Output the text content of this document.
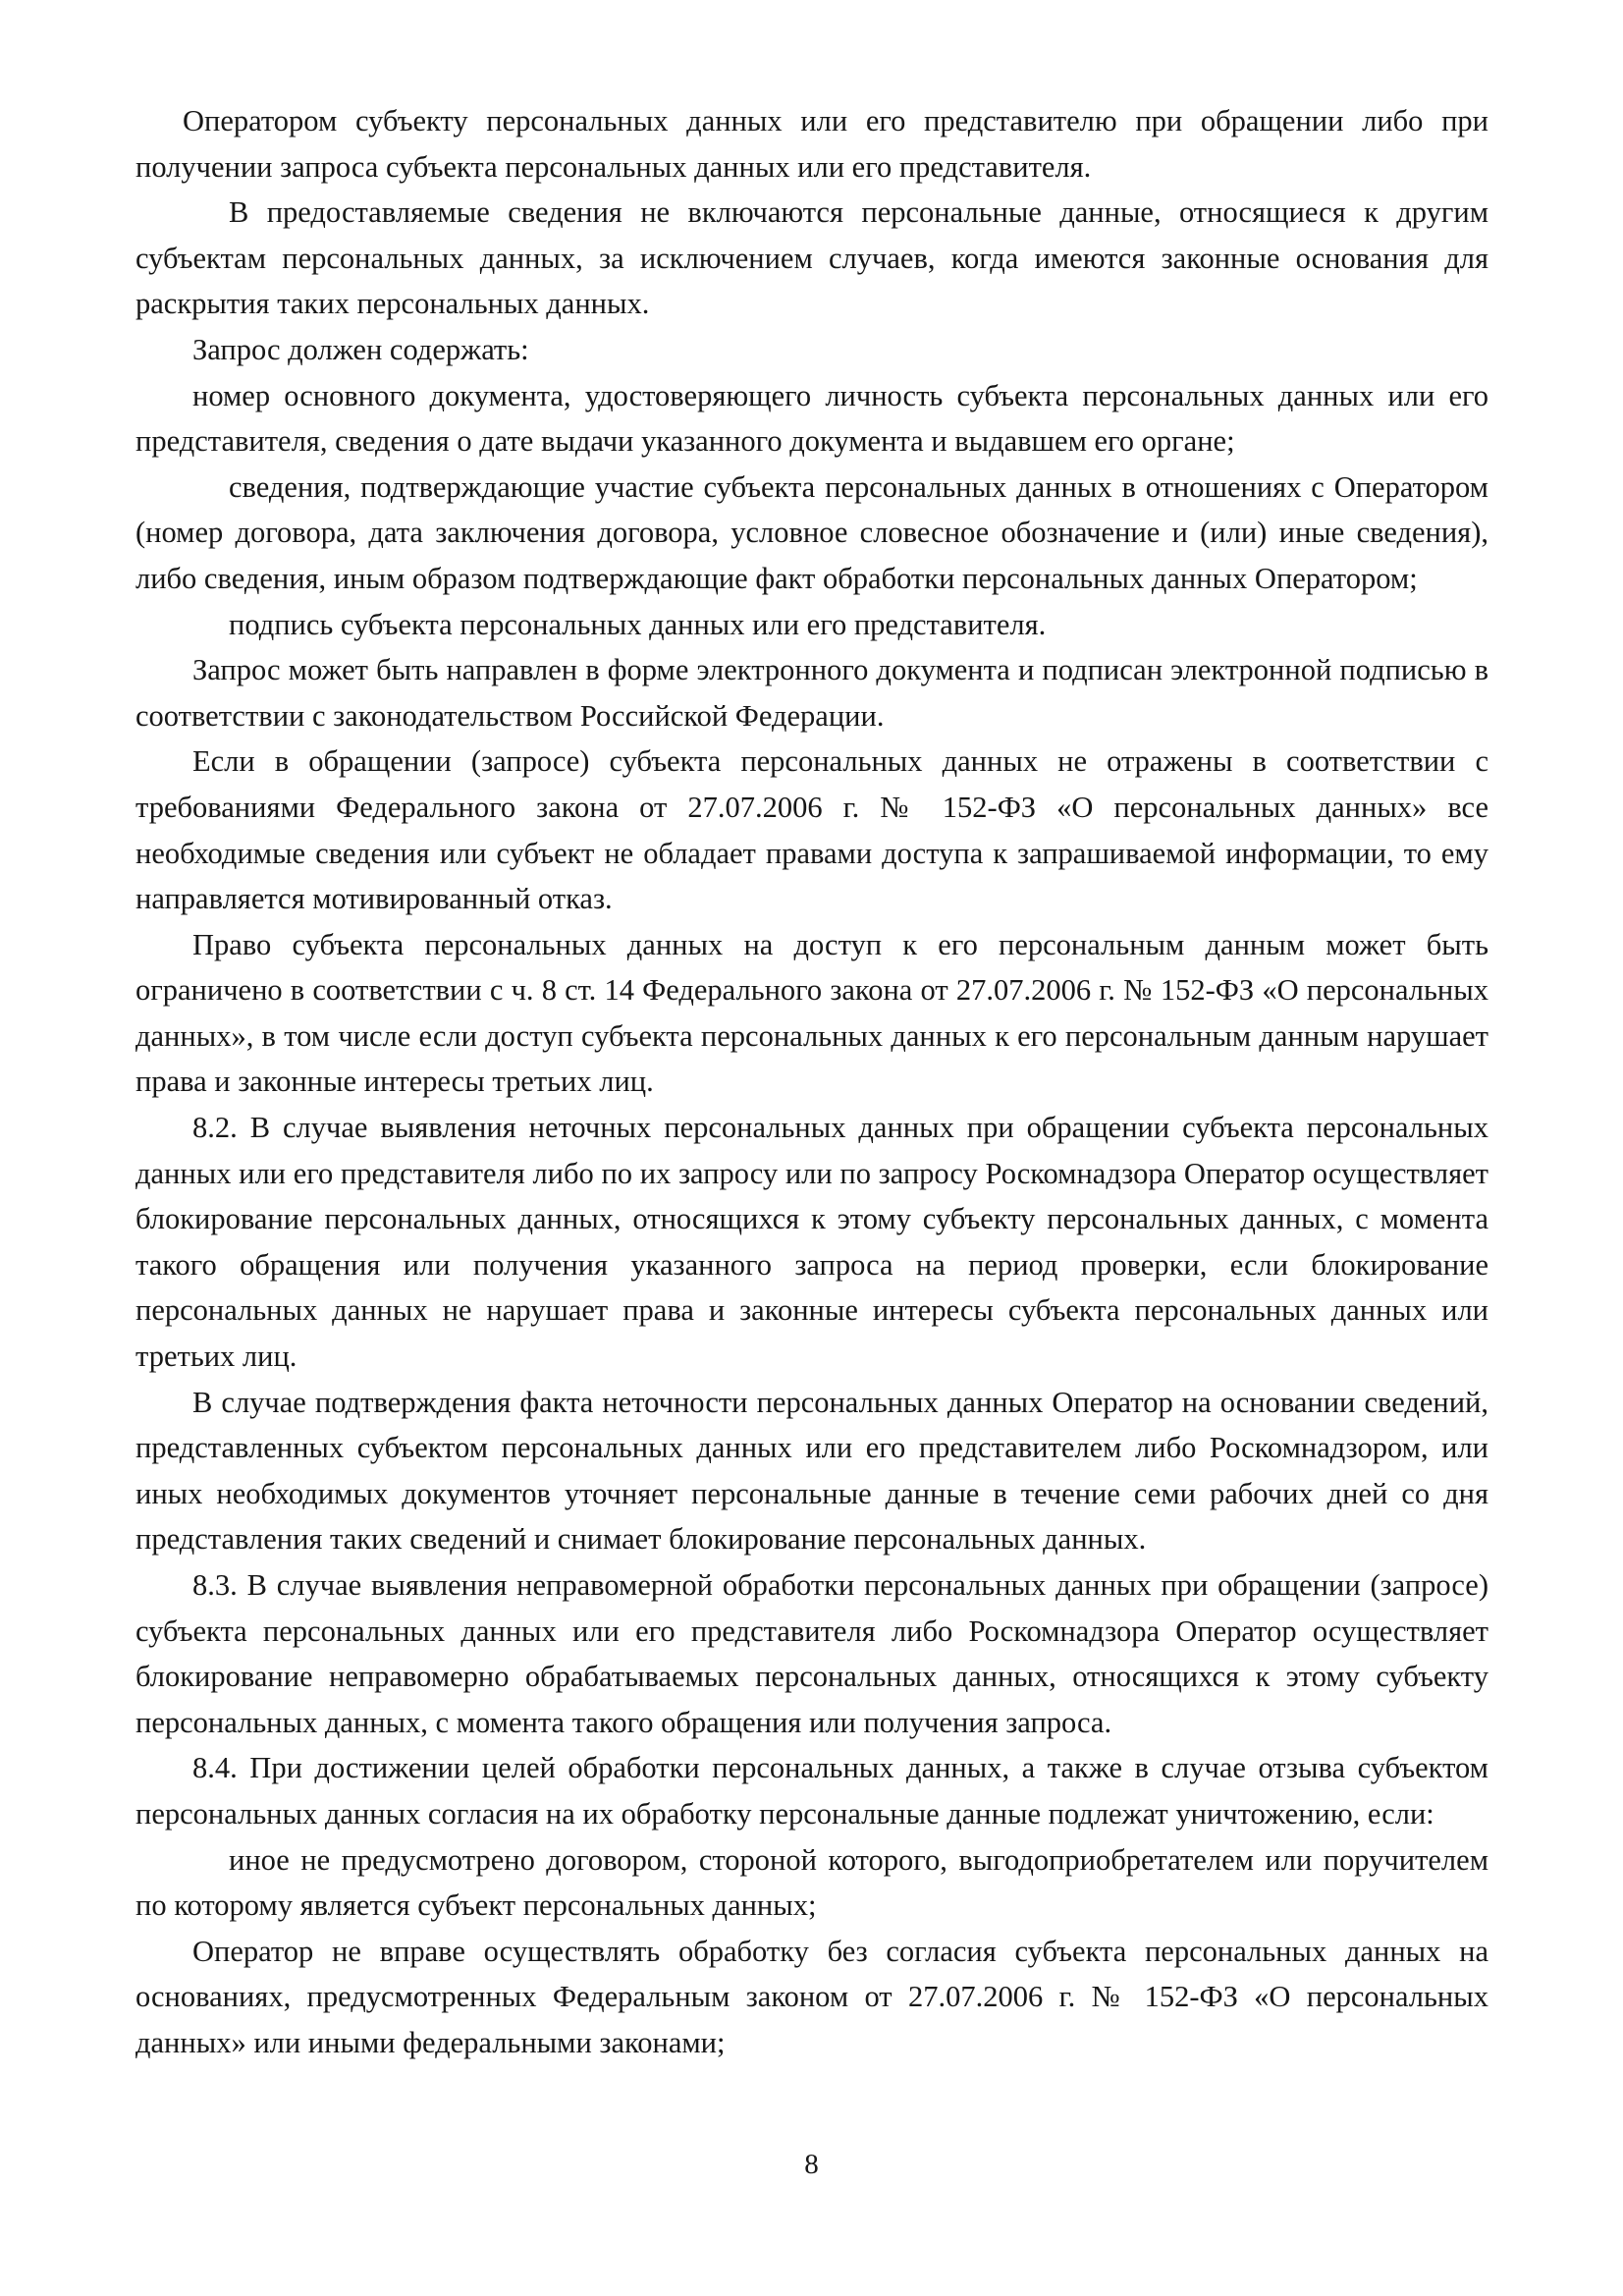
Оператором субъекту персональных данных или его представителю при обращении либо при получении запроса субъекта персональных данных или его представителя.

В предоставляемые сведения не включаются персональные данные, относящиеся к другим субъектам персональных данных, за исключением случаев, когда имеются законные основания для раскрытия таких персональных данных.

Запрос должен содержать:

номер основного документа, удостоверяющего личность субъекта персональных данных или его представителя, сведения о дате выдачи указанного документа и выдавшем его органе;

сведения, подтверждающие участие субъекта персональных данных в отношениях с Оператором (номер договора, дата заключения договора, условное словесное обозначение и (или) иные сведения), либо сведения, иным образом подтверждающие факт обработки персональных данных Оператором;

подпись субъекта персональных данных или его представителя.

Запрос может быть направлен в форме электронного документа и подписан электронной подписью в соответствии с законодательством Российской Федерации.

Если в обращении (запросе) субъекта персональных данных не отражены в соответствии с требованиями Федерального закона от 27.07.2006 г. № 152-ФЗ «О персональных данных» все необходимые сведения или субъект не обладает правами доступа к запрашиваемой информации, то ему направляется мотивированный отказ.

Право субъекта персональных данных на доступ к его персональным данным может быть ограничено в соответствии с ч. 8 ст. 14 Федерального закона от 27.07.2006 г. № 152-ФЗ «О персональных данных», в том числе если доступ субъекта персональных данных к его персональным данным нарушает права и законные интересы третьих лиц.

8.2. В случае выявления неточных персональных данных при обращении субъекта персональных данных или его представителя либо по их запросу или по запросу Роскомнадзора Оператор осуществляет блокирование персональных данных, относящихся к этому субъекту персональных данных, с момента такого обращения или получения указанного запроса на период проверки, если блокирование персональных данных не нарушает права и законные интересы субъекта персональных данных или третьих лиц.

В случае подтверждения факта неточности персональных данных Оператор на основании сведений, представленных субъектом персональных данных или его представителем либо Роскомнадзором, или иных необходимых документов уточняет персональные данные в течение семи рабочих дней со дня представления таких сведений и снимает блокирование персональных данных.

8.3. В случае выявления неправомерной обработки персональных данных при обращении (запросе) субъекта персональных данных или его представителя либо Роскомнадзора Оператор осуществляет блокирование неправомерно обрабатываемых персональных данных, относящихся к этому субъекту персональных данных, с момента такого обращения или получения запроса.

8.4. При достижении целей обработки персональных данных, а также в случае отзыва субъектом персональных данных согласия на их обработку персональные данные подлежат уничтожению, если:

иное не предусмотрено договором, стороной которого, выгодоприобретателем или поручителем по которому является субъект персональных данных;

Оператор не вправе осуществлять обработку без согласия субъекта персональных данных на основаниях, предусмотренных Федеральным законом от 27.07.2006 г. № 152-ФЗ «О персональных данных» или иными федеральными законами;

8
